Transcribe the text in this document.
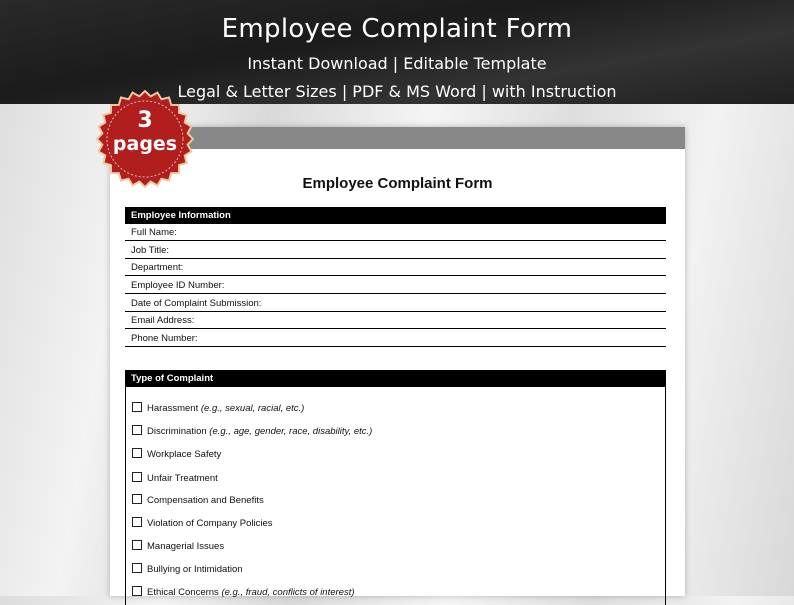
Employee Complaint Form
Instant Download | Editable Template
Legal & Letter Sizes | PDF & MS Word | with Instruction
3
pages
Employee Complaint Form
Employee Information
Full Name:
Job Title:
Department:
Employee ID Number:
Date of Complaint Submission:
Email Address:
Phone Number:
Type of Complaint
Harassment (e.g., sexual, racial, etc.)
Discrimination (e.g., age, gender, race, disability, etc.)
Workplace Safety
Unfair Treatment
Compensation and Benefits
Violation of Company Policies
Managerial Issues
Bullying or Intimidation
Ethical Concerns (e.g., fraud, conflicts of interest)
